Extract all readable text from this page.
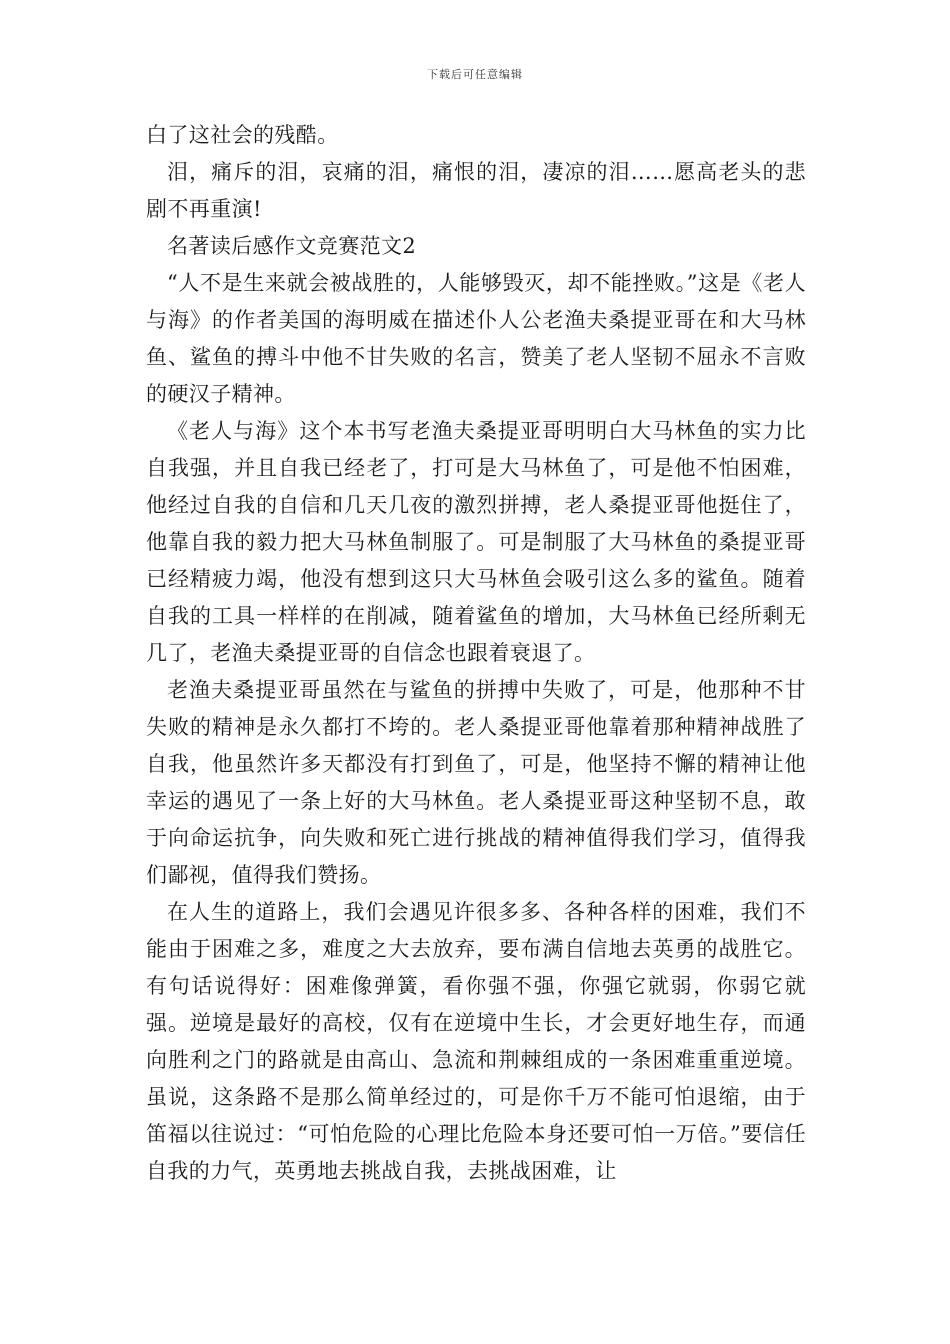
下载后可任意编辑

白了这社会的残酷。

泪，痛斥的泪，哀痛的泪，痛恨的泪，凄凉的泪……愿高老头的悲剧不再重演!

名著读后感作文竞赛范文2

“人不是生来就会被战胜的，人能够毁灭，却不能挫败。”这是《老人与海》的作者美国的海明威在描述仆人公老渔夫桑提亚哥在和大马林鱼、鲨鱼的搏斗中他不甘失败的名言，赞美了老人坚韧不屈永不言败的硬汉子精神。

《老人与海》这个本书写老渔夫桑提亚哥明明白大马林鱼的实力比自我强，并且自我已经老了，打可是大马林鱼了，可是他不怕困难，他经过自我的自信和几天几夜的激烈拼搏，老人桑提亚哥他挺住了，他靠自我的毅力把大马林鱼制服了。可是制服了大马林鱼的桑提亚哥已经精疲力竭，他没有想到这只大马林鱼会吸引这么多的鲨鱼。随着自我的工具一样样的在削减，随着鲨鱼的增加，大马林鱼已经所剩无几了，老渔夫桑提亚哥的自信念也跟着衰退了。

老渔夫桑提亚哥虽然在与鲨鱼的拼搏中失败了，可是，他那种不甘失败的精神是永久都打不垮的。老人桑提亚哥他靠着那种精神战胜了自我，他虽然许多天都没有打到鱼了，可是，他坚持不懈的精神让他幸运的遇见了一条上好的大马林鱼。老人桑提亚哥这种坚韧不息，敢于向命运抗争，向失败和死亡进行挑战的精神值得我们学习，值得我们鄙视，值得我们赞扬。

在人生的道路上，我们会遇见许很多多、各种各样的困难，我们不能由于困难之多，难度之大去放弃，要布满自信地去英勇的战胜它。有句话说得好：困难像弹簧，看你强不强，你强它就弱，你弱它就强。逆境是最好的高校，仅有在逆境中生长，才会更好地生存，而通向胜利之门的路就是由高山、急流和荆棘组成的一条困难重重逆境。虽说，这条路不是那么简单经过的，可是你千万不能可怕退缩，由于笛福以往说过：“可怕危险的心理比危险本身还要可怕一万倍。”要信任自我的力气，英勇地去挑战自我，去挑战困难，让
